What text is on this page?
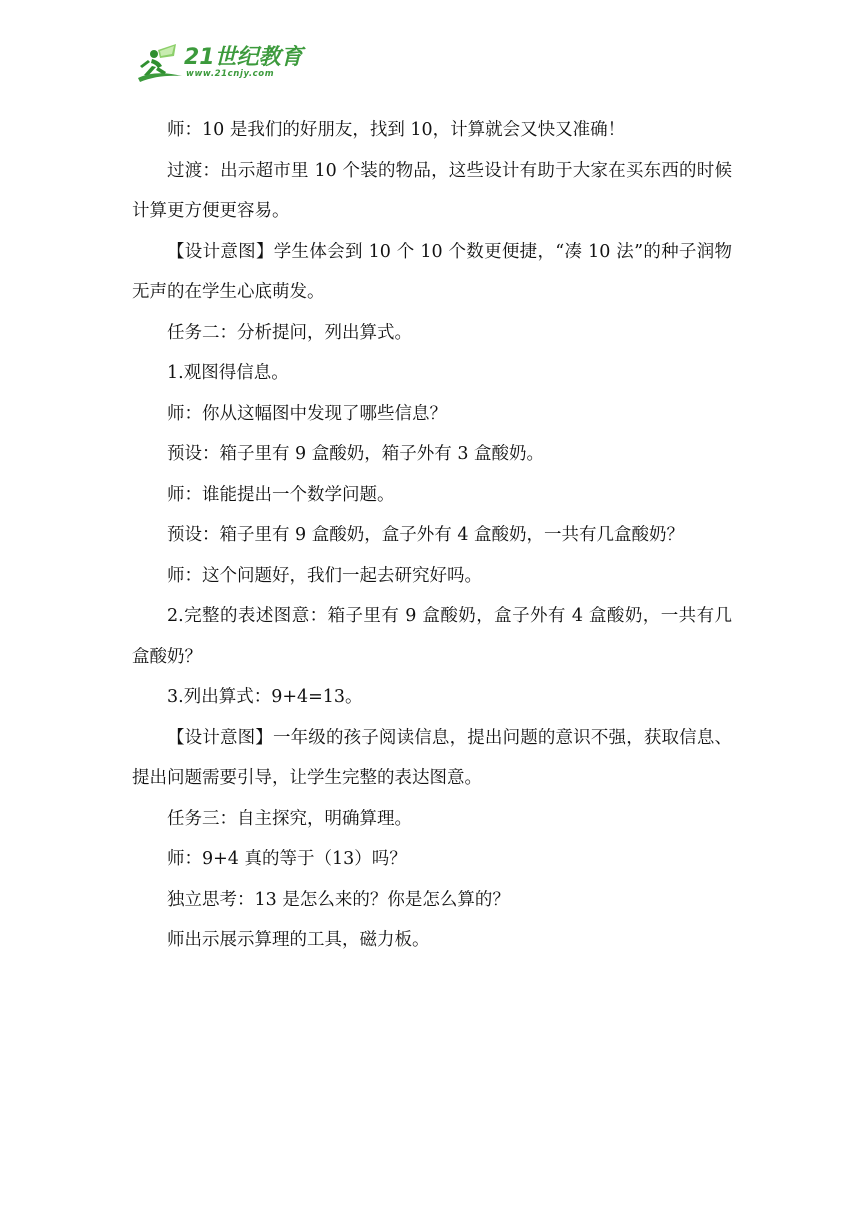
21世纪教育
www.21cnjy.com

师：10 是我们的好朋友，找到 10，计算就会又快又准确！

过渡：出示超市里 10 个装的物品，这些设计有助于大家在买东西的时候计算更方便更容易。

【设计意图】学生体会到 10 个 10 个数更便捷，“凑 10 法”的种子润物无声的在学生心底萌发。

任务二：分析提问，列出算式。

1.观图得信息。

师：你从这幅图中发现了哪些信息？

预设：箱子里有 9 盒酸奶，箱子外有 3 盒酸奶。

师：谁能提出一个数学问题。

预设：箱子里有 9 盒酸奶，盒子外有 4 盒酸奶，一共有几盒酸奶？

师：这个问题好，我们一起去研究好吗。

2.完整的表述图意：箱子里有 9 盒酸奶，盒子外有 4 盒酸奶，一共有几盒酸奶？

3.列出算式：9+4=13。

【设计意图】一年级的孩子阅读信息，提出问题的意识不强，获取信息、提出问题需要引导，让学生完整的表达图意。

任务三：自主探究，明确算理。

师：9+4 真的等于（13）吗？

独立思考：13 是怎么来的？你是怎么算的？

师出示展示算理的工具，磁力板。
